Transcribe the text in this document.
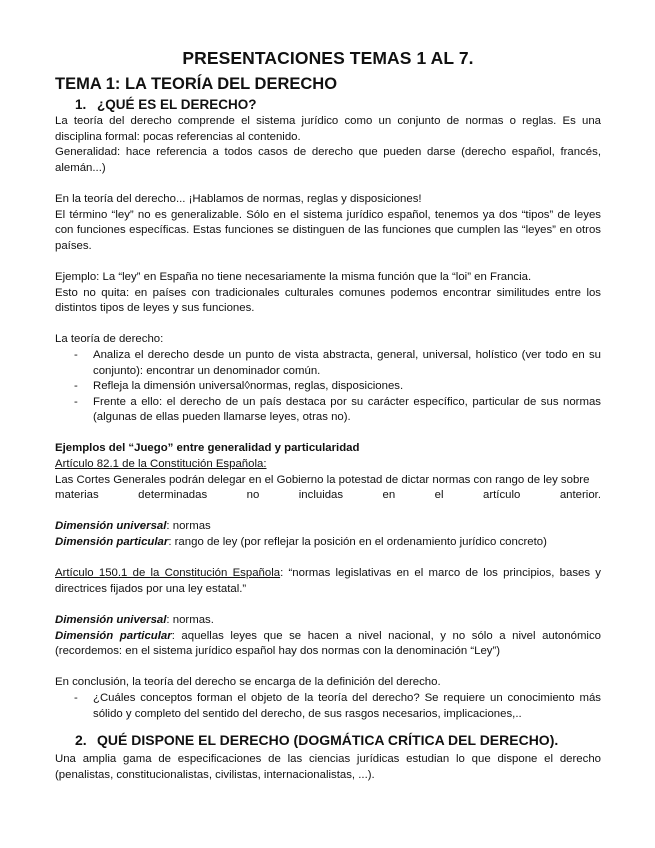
PRESENTACIONES TEMAS 1 AL 7.
TEMA 1: LA TEORÍA DEL DERECHO
1. ¿QUÉ ES EL DERECHO?

La teoría del derecho comprende el sistema jurídico como un conjunto de normas o reglas. Es una disciplina formal: pocas referencias al contenido.

Generalidad: hace referencia a todos casos de derecho que pueden darse (derecho español, francés, alemán...)

En la teoría del derecho... ¡Hablamos de normas, reglas y disposiciones!

El término “ley” no es generalizable. Sólo en el sistema jurídico español, tenemos ya dos “tipos” de leyes con funciones específicas. Estas funciones se distinguen de las funciones que cumplen las “leyes” en otros países.

Ejemplo: La “ley” en España no tiene necesariamente la misma función que la “loi” en Francia.

Esto no quita: en países con tradicionales culturales comunes podemos encontrar similitudes entre los distintos tipos de leyes y sus funciones.

La teoría de derecho:

- Analiza el derecho desde un punto de vista abstracta, general, universal, holístico (ver todo en su conjunto): encontrar un denominador común.
- Refleja la dimensión universal◊normas, reglas, disposiciones.
- Frente a ello: el derecho de un país destaca por su carácter específico, particular de sus normas (algunas de ellas pueden llamarse leyes, otras no).

Ejemplos del “Juego” entre generalidad y particularidad

Artículo 82.1 de la Constitución Española:

Las Cortes Generales podrán delegar en el Gobierno la potestad de dictar normas con rango de ley sobre

materias determinadas no incluidas en el artículo anterior.

Dimensión universal: normas

Dimensión particular: rango de ley (por reflejar la posición en el ordenamiento jurídico concreto)

Artículo 150.1 de la Constitución Española: “normas legislativas en el marco de los principios, bases y directrices fijados por una ley estatal.”

Dimensión universal: normas.

Dimensión particular: aquellas leyes que se hacen a nivel nacional, y no sólo a nivel autonómico (recordemos: en el sistema jurídico español hay dos normas con la denominación “Ley”)

En conclusión, la teoría del derecho se encarga de la definición del derecho.

- ¿Cuáles conceptos forman el objeto de la teoría del derecho? Se requiere un conocimiento más sólido y completo del sentido del derecho, de sus rasgos necesarios, implicaciones,..
2. QUÉ DISPONE EL DERECHO (DOGMÁTICA CRÍTICA DEL DERECHO).

Una amplia gama de especificaciones de las ciencias jurídicas estudian lo que dispone el derecho (penalistas, constitucionalistas, civilistas, internacionalistas, ...).
